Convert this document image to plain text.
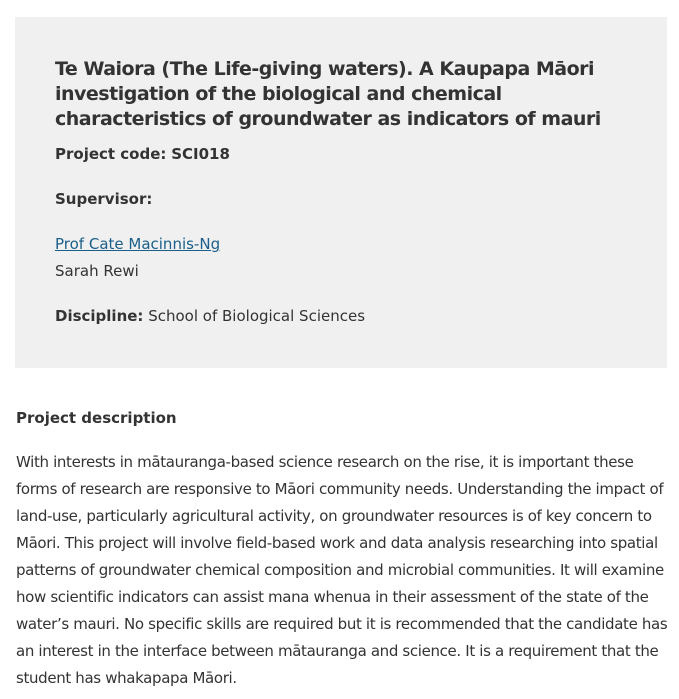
Te Waiora (The Life-giving waters). A Kaupapa Māori investigation of the biological and chemical characteristics of groundwater as indicators of mauri

Project code: SCI018

Supervisor:

Prof Cate Macinnis-Ng

Sarah Rewi

Discipline: School of Biological Sciences

Project description

With interests in mātauranga-based science research on the rise, it is important these forms of research are responsive to Māori community needs. Understanding the impact of land-use, particularly agricultural activity, on groundwater resources is of key concern to Māori. This project will involve field-based work and data analysis researching into spatial patterns of groundwater chemical composition and microbial communities. It will examine how scientific indicators can assist mana whenua in their assessment of the state of the water’s mauri. No specific skills are required but it is recommended that the candidate has an interest in the interface between mātauranga and science. It is a requirement that the student has whakapapa Māori.
